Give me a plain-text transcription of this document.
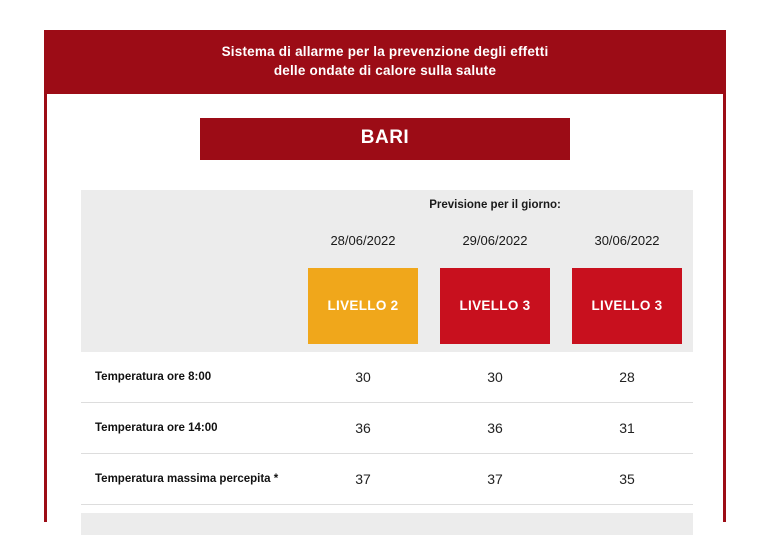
Sistema di allarme per la prevenzione degli effetti
delle ondate di calore sulla salute
BARI
	Previsione per il giorno:		
	28/06/2022	29/06/2022	30/06/2022
	LIVELLO 2	LIVELLO 3	LIVELLO 3
Temperatura ore 8:00	30	30	28
Temperatura ore 14:00	36	36	31
Temperatura massima percepita *	37	37	35
